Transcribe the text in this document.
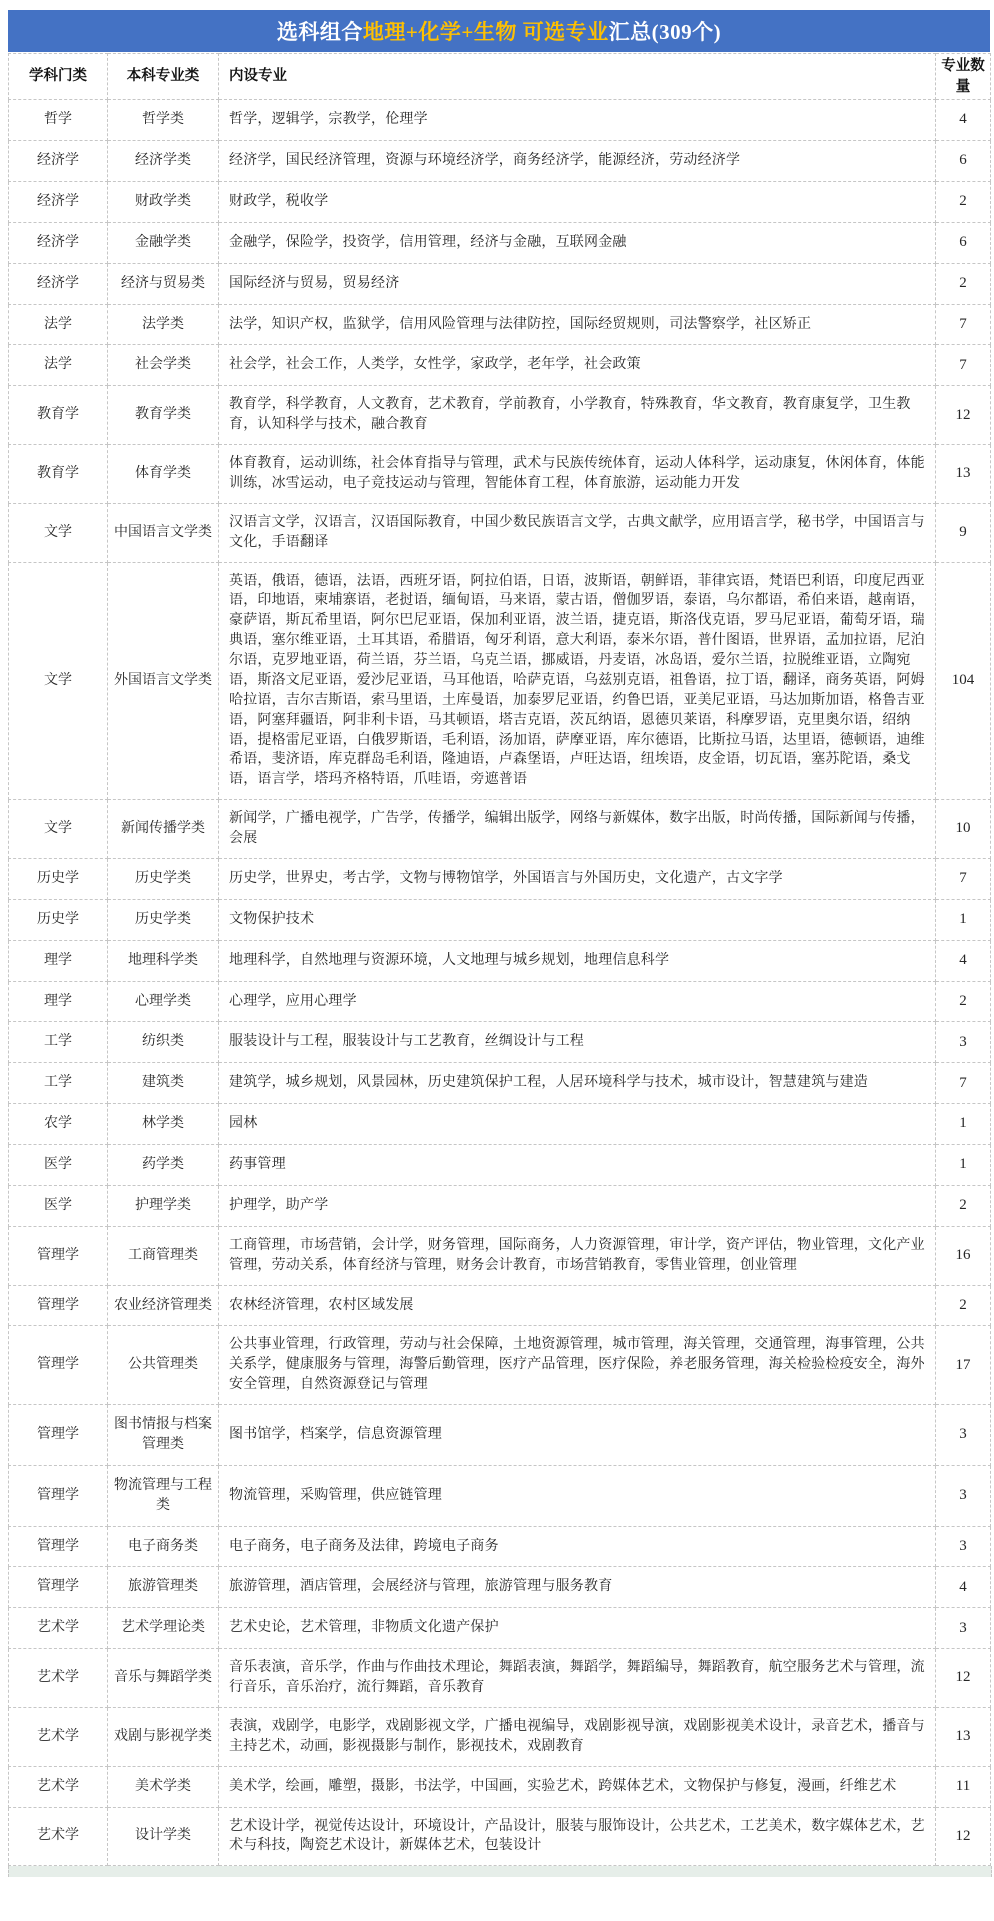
选科组合 地理+化学+生物 可选专业 汇总(309个)
学科门类	本科专业类	内设专业	专业数量
哲学	哲学类	哲学，逻辑学，宗教学，伦理学	4
经济学	经济学类	经济学，国民经济管理，资源与环境经济学，商务经济学，能源经济，劳动经济学	6
经济学	财政学类	财政学，税收学	2
经济学	金融学类	金融学，保险学，投资学，信用管理，经济与金融，互联网金融	6
经济学	经济与贸易类	国际经济与贸易，贸易经济	2
法学	法学类	法学，知识产权，监狱学，信用风险管理与法律防控，国际经贸规则，司法警察学，社区矫正	7
法学	社会学类	社会学，社会工作，人类学，女性学，家政学，老年学，社会政策	7
教育学	教育学类	教育学，科学教育，人文教育，艺术教育，学前教育，小学教育，特殊教育，华文教育，教育康复学，卫生教育，认知科学与技术，融合教育	12
教育学	体育学类	体育教育，运动训练，社会体育指导与管理，武术与民族传统体育，运动人体科学，运动康复，休闲体育，体能训练，冰雪运动，电子竞技运动与管理，智能体育工程，体育旅游，运动能力开发	13
文学	中国语言文学类	汉语言文学，汉语言，汉语国际教育，中国少数民族语言文学，古典文献学，应用语言学，秘书学，中国语言与文化，手语翻译	9
文学	外国语言文学类	英语，俄语，德语，法语，西班牙语，阿拉伯语，日语，波斯语，朝鲜语，菲律宾语，梵语巴利语，印度尼西亚语，印地语，柬埔寨语，老挝语，缅甸语，马来语，蒙古语，僧伽罗语，泰语，乌尔都语，希伯来语，越南语，豪萨语，斯瓦希里语，阿尔巴尼亚语，保加利亚语，波兰语，捷克语，斯洛伐克语，罗马尼亚语，葡萄牙语，瑞典语，塞尔维亚语，土耳其语，希腊语，匈牙利语，意大利语，泰米尔语，普什图语，世界语，孟加拉语，尼泊尔语，克罗地亚语，荷兰语，芬兰语，乌克兰语，挪威语，丹麦语，冰岛语，爱尔兰语，拉脱维亚语，立陶宛语，斯洛文尼亚语，爱沙尼亚语，马耳他语，哈萨克语，乌兹别克语，祖鲁语，拉丁语，翻译，商务英语，阿姆哈拉语，吉尔吉斯语，索马里语，土库曼语，加泰罗尼亚语，约鲁巴语，亚美尼亚语，马达加斯加语，格鲁吉亚语，阿塞拜疆语，阿非利卡语，马其顿语，塔吉克语，茨瓦纳语，恩德贝莱语，科摩罗语，克里奥尔语，绍纳语，提格雷尼亚语，白俄罗斯语，毛利语，汤加语，萨摩亚语，库尔德语，比斯拉马语，达里语，德顿语，迪维希语，斐济语，库克群岛毛利语，隆迪语，卢森堡语，卢旺达语，纽埃语，皮金语，切瓦语，塞苏陀语，桑戈语，语言学，塔玛齐格特语，爪哇语，旁遮普语	104
文学	新闻传播学类	新闻学，广播电视学，广告学，传播学，编辑出版学，网络与新媒体，数字出版，时尚传播，国际新闻与传播，会展	10
历史学	历史学类	历史学，世界史，考古学，文物与博物馆学，外国语言与外国历史，文化遗产，古文字学	7
历史学	历史学类	文物保护技术	1
理学	地理科学类	地理科学，自然地理与资源环境，人文地理与城乡规划，地理信息科学	4
理学	心理学类	心理学，应用心理学	2
工学	纺织类	服装设计与工程，服装设计与工艺教育，丝绸设计与工程	3
工学	建筑类	建筑学，城乡规划，风景园林，历史建筑保护工程，人居环境科学与技术，城市设计，智慧建筑与建造	7
农学	林学类	园林	1
医学	药学类	药事管理	1
医学	护理学类	护理学，助产学	2
管理学	工商管理类	工商管理，市场营销，会计学，财务管理，国际商务，人力资源管理，审计学，资产评估，物业管理，文化产业管理，劳动关系，体育经济与管理，财务会计教育，市场营销教育，零售业管理，创业管理	16
管理学	农业经济管理类	农林经济管理，农村区域发展	2
管理学	公共管理类	公共事业管理，行政管理，劳动与社会保障，土地资源管理，城市管理，海关管理，交通管理，海事管理，公共关系学，健康服务与管理，海警后勤管理，医疗产品管理，医疗保险，养老服务管理，海关检验检疫安全，海外安全管理，自然资源登记与管理	17
管理学	图书情报与档案管理类	图书馆学，档案学，信息资源管理	3
管理学	物流管理与工程类	物流管理，采购管理，供应链管理	3
管理学	电子商务类	电子商务，电子商务及法律，跨境电子商务	3
管理学	旅游管理类	旅游管理，酒店管理，会展经济与管理，旅游管理与服务教育	4
艺术学	艺术学理论类	艺术史论，艺术管理，非物质文化遗产保护	3
艺术学	音乐与舞蹈学类	音乐表演，音乐学，作曲与作曲技术理论，舞蹈表演，舞蹈学，舞蹈编导，舞蹈教育，航空服务艺术与管理，流行音乐，音乐治疗，流行舞蹈，音乐教育	12
艺术学	戏剧与影视学类	表演，戏剧学，电影学，戏剧影视文学，广播电视编导，戏剧影视导演，戏剧影视美术设计，录音艺术，播音与主持艺术，动画，影视摄影与制作，影视技术，戏剧教育	13
艺术学	美术学类	美术学，绘画，雕塑，摄影，书法学，中国画，实验艺术，跨媒体艺术，文物保护与修复，漫画，纤维艺术	11
艺术学	设计学类	艺术设计学，视觉传达设计，环境设计，产品设计，服装与服饰设计，公共艺术，工艺美术，数字媒体艺术，艺术与科技，陶瓷艺术设计，新媒体艺术，包装设计	12
